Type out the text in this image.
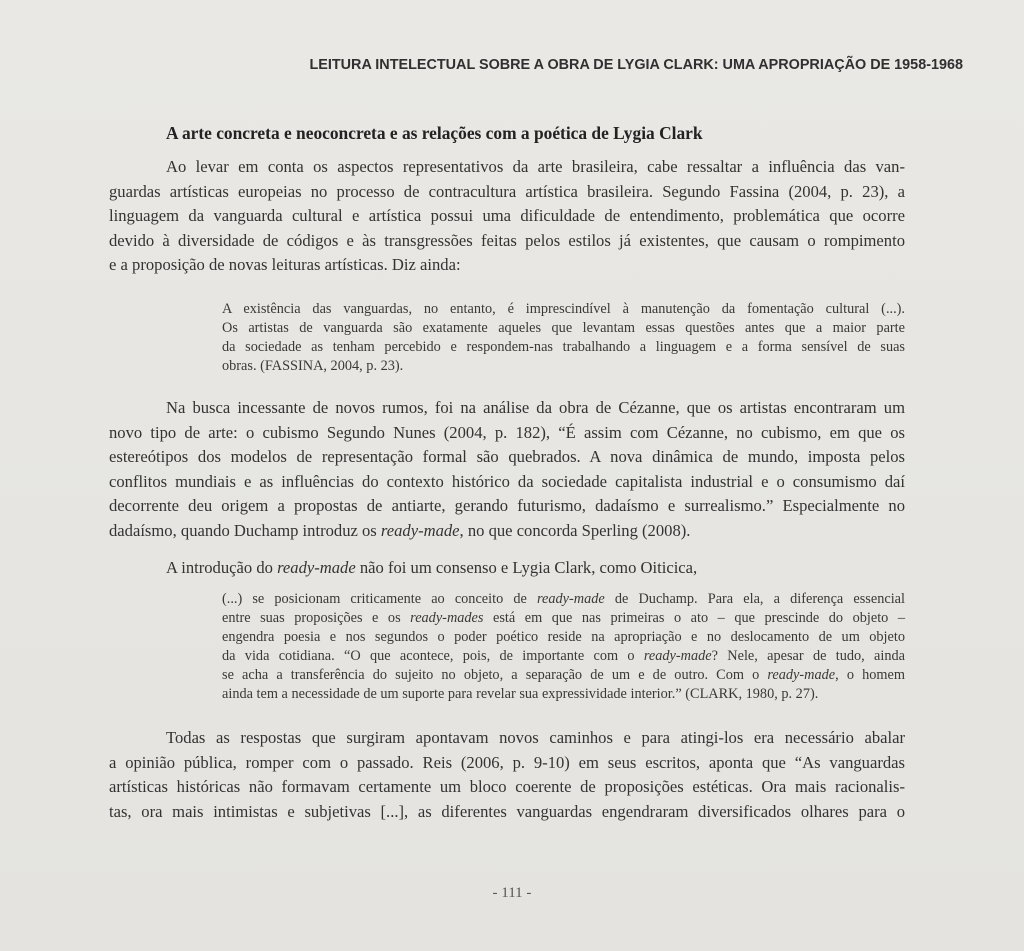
LEITURA INTELECTUAL SOBRE A OBRA DE LYGIA CLARK: UMA APROPRIAÇÃO DE 1958-1968
A arte concreta e neoconcreta e as relações com a poética de Lygia Clark
Ao levar em conta os aspectos representativos da arte brasileira, cabe ressaltar a influência das van-
guardas artísticas europeias no processo de contracultura artística brasileira. Segundo Fassina (2004, p. 23), a
linguagem da vanguarda cultural e artística possui uma dificuldade de entendimento, problemática que ocorre
devido à diversidade de códigos e às transgressões feitas pelos estilos já existentes, que causam o rompimento
e a proposição de novas leituras artísticas. Diz ainda:
A existência das vanguardas, no entanto, é imprescindível à manutenção da fomentação cultural (...).
Os artistas de vanguarda são exatamente aqueles que levantam essas questões antes que a maior parte
da sociedade as tenham percebido e respondem-nas trabalhando a linguagem e a forma sensível de suas
obras. (FASSINA, 2004, p. 23).
Na busca incessante de novos rumos, foi na análise da obra de Cézanne, que os artistas encontraram um
novo tipo de arte: o cubismo Segundo Nunes (2004, p. 182), “É assim com Cézanne, no cubismo, em que os
estereótipos dos modelos de representação formal são quebrados. A nova dinâmica de mundo, imposta pelos
conflitos mundiais e as influências do contexto histórico da sociedade capitalista industrial e o consumismo daí
decorrente deu origem a propostas de antiarte, gerando futurismo, dadaísmo e surrealismo.” Especialmente no
dadaísmo, quando Duchamp introduz os ready-made, no que concorda Sperling (2008).
A introdução do ready-made não foi um consenso e Lygia Clark, como Oiticica,
(...) se posicionam criticamente ao conceito de ready-made de Duchamp. Para ela, a diferença essencial
entre suas proposições e os ready-mades está em que nas primeiras o ato – que prescinde do objeto –
engendra poesia e nos segundos o poder poético reside na apropriação e no deslocamento de um objeto
da vida cotidiana. “O que acontece, pois, de importante com o ready-made? Nele, apesar de tudo, ainda
se acha a transferência do sujeito no objeto, a separação de um e de outro. Com o ready-made, o homem
ainda tem a necessidade de um suporte para revelar sua expressividade interior.” (CLARK, 1980, p. 27).
Todas as respostas que surgiram apontavam novos caminhos e para atingi-los era necessário abalar
a opinião pública, romper com o passado. Reis (2006, p. 9-10) em seus escritos, aponta que “As vanguardas
artísticas históricas não formavam certamente um bloco coerente de proposições estéticas. Ora mais racionalis-
tas, ora mais intimistas e subjetivas [...], as diferentes vanguardas engendraram diversificados olhares para o
- 111 -
